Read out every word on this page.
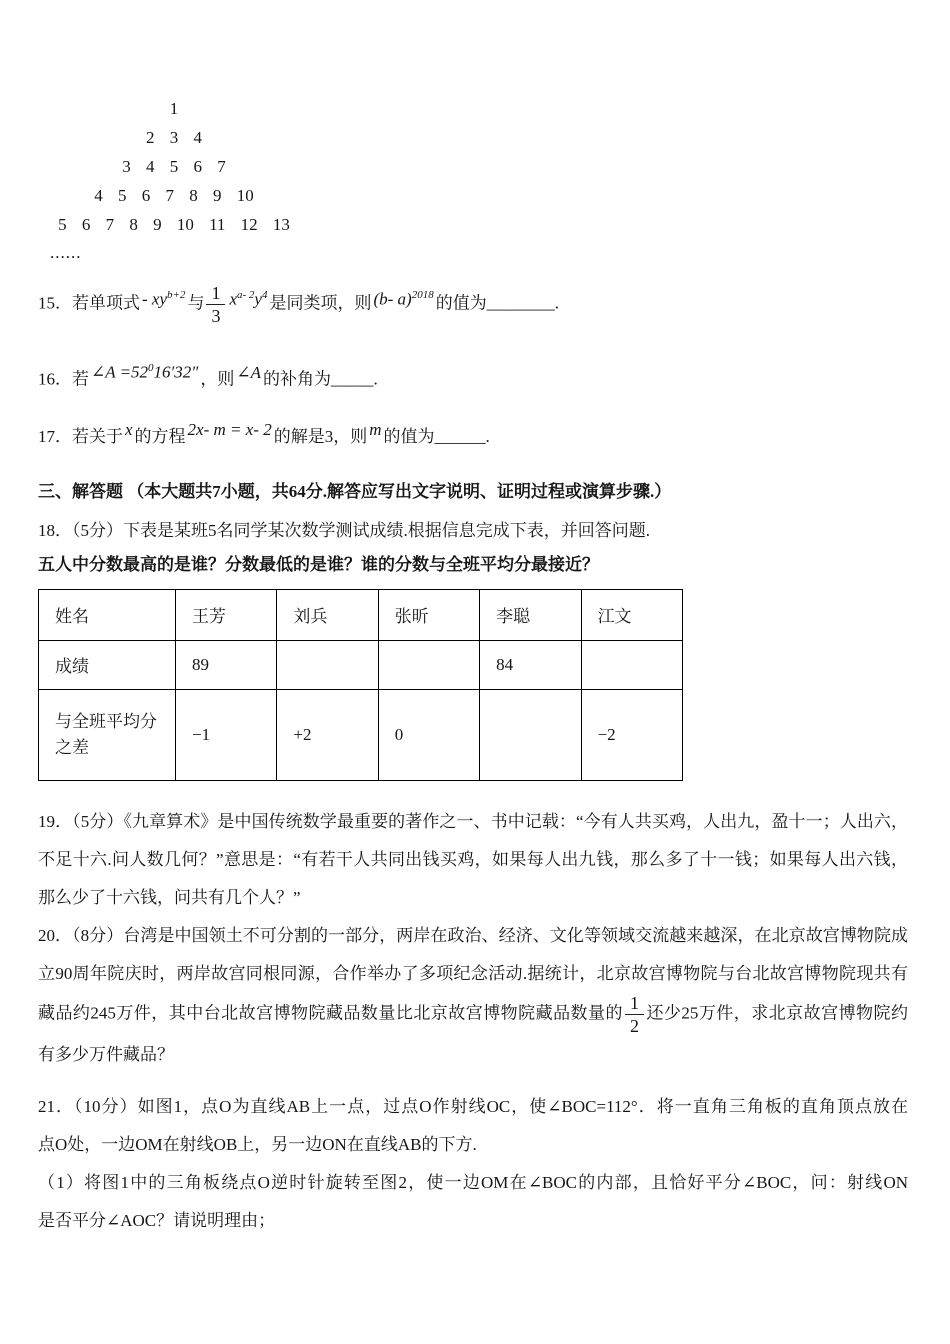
1
2 3 4
3 4 5 6 7
4 5 6 7 8 9 10
5 6 7 8 9 10 11 12 13
......

15．若单项式 - $xy^{b+2}$ 与 $\frac{1}{3} x^{a- 2}y^4$ 是同类项，则 (b- a)$^{2018}$ 的值为________.

16．若 ∠A $=52^016'32''$ ，则 ∠A 的补角为_____.

17．若关于 x 的方程 2x- m = x- 2 的解是3，则 m 的值为______.

三、解答题 （本大题共7小题，共64分.解答应写出文字说明、证明过程或演算步骤.）

18．（5分）下表是某班5名同学某次数学测试成绩.根据信息完成下表，并回答问题.

五人中分数最高的是谁？分数最低的是谁？谁的分数与全班平均分最接近？

姓名	王芳	刘兵	张昕	李聪	江文
成绩	89			84	
与全班平均分之差	−1	+2	0		−2

19．（5分）《九章算术》是中国传统数学最重要的著作之一、书中记载：“今有人共买鸡，人出九，盈十一；人出六，

不足十六.问人数几何？”意思是：“有若干人共同出钱买鸡，如果每人出九钱，那么多了十一钱；如果每人出六钱，

那么少了十六钱，问共有几个人？”

20．（8分）台湾是中国领土不可分割的一部分，两岸在政治、经济、文化等领域交流越来越深，在北京故宫博物院成

立90周年院庆时，两岸故宫同根同源，合作举办了多项纪念活动.据统计，北京故宫博物院与台北故宫博物院现共有

藏品约245万件，其中台北故宫博物院藏品数量比北京故宫博物院藏品数量的 $\frac{1}{2}$ 还少25万件，求北京故宫博物院约

有多少万件藏品？

21．（10分）如图1，点O为直线AB上一点，过点O作射线OC，使∠BOC=112°．将一直角三角板的直角顶点放在

点O处，一边OM在射线OB上，另一边ON在直线AB的下方.

（1）将图1中的三角板绕点O逆时针旋转至图2，使一边OM在∠BOC的内部，且恰好平分∠BOC，问：射线ON

是否平分∠AOC？请说明理由；
